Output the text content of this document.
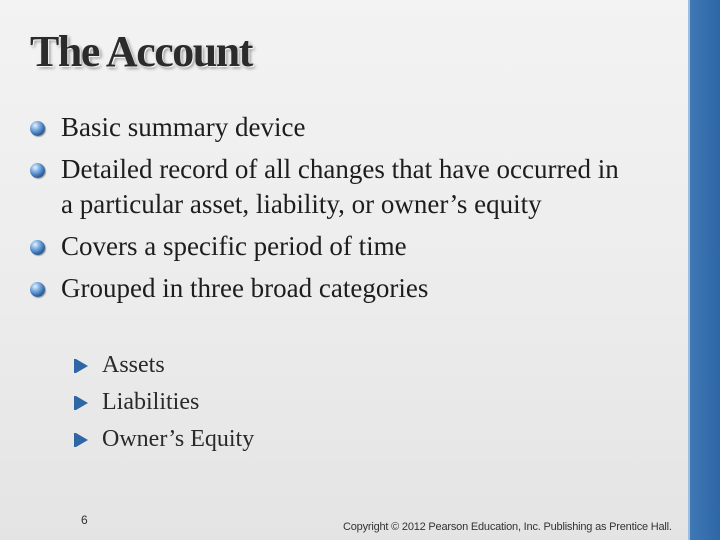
The Account
Basic summary device
Detailed record of all changes that have occurred in a particular asset, liability, or owner’s equity
Covers a specific period of time
Grouped in three broad categories
Assets
Liabilities
Owner’s Equity
6	Copyright © 2012 Pearson Education, Inc. Publishing as Prentice Hall.
